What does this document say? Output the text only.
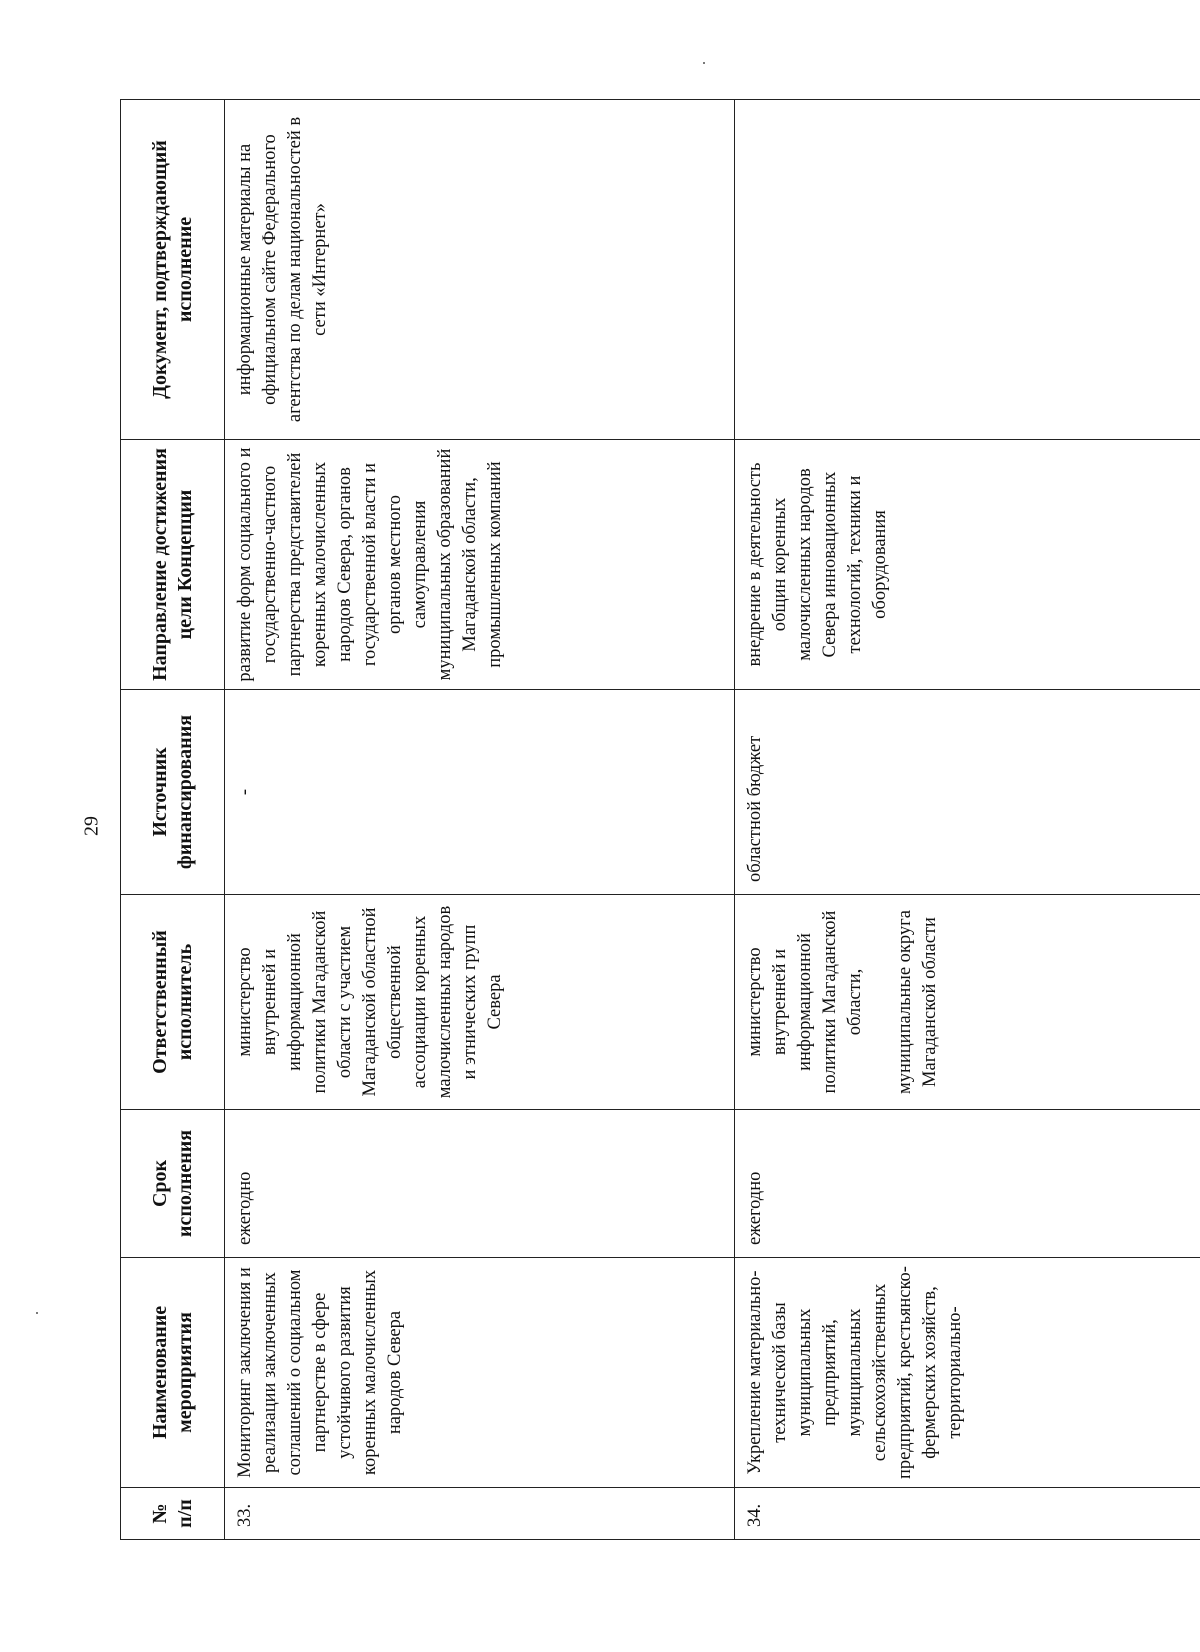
29
№ п/п	Наименование мероприятия	Срок исполнения	Ответственный исполнитель	Источник финансирования	Направление достижения цели Концепции	Документ, подтверждающий исполнение
33.	Мониторинг заключения и реализации заключенных соглашений о социальном партнерстве в сфере устойчивого развития коренных малочисленных народов Севера	ежегодно	министерство внутренней и информационной политики Магаданской области с участием Магаданской областной общественной ассоциации коренных малочисленных народов и этнических групп Севера	-	развитие форм социального и государственно-частного партнерства представителей коренных малочисленных народов Севера, органов государственной власти и органов местного самоуправления муниципальных образований Магаданской области, промышленных компаний	информационные материалы на официальном сайте Федерального агентства по делам национальностей в сети «Интернет»
34.	Укрепление материально-технической базы муниципальных предприятий, муниципальных сельскохозяйственных предприятий, крестьянско-фермерских хозяйств, территориально-	ежегодно	министерство внутренней и информационной политики Магаданской области, муниципальные округа Магаданской области	областной бюджет	внедрение в деятельность общин коренных малочисленных народов Севера инновационных технологий, техники и оборудования	
